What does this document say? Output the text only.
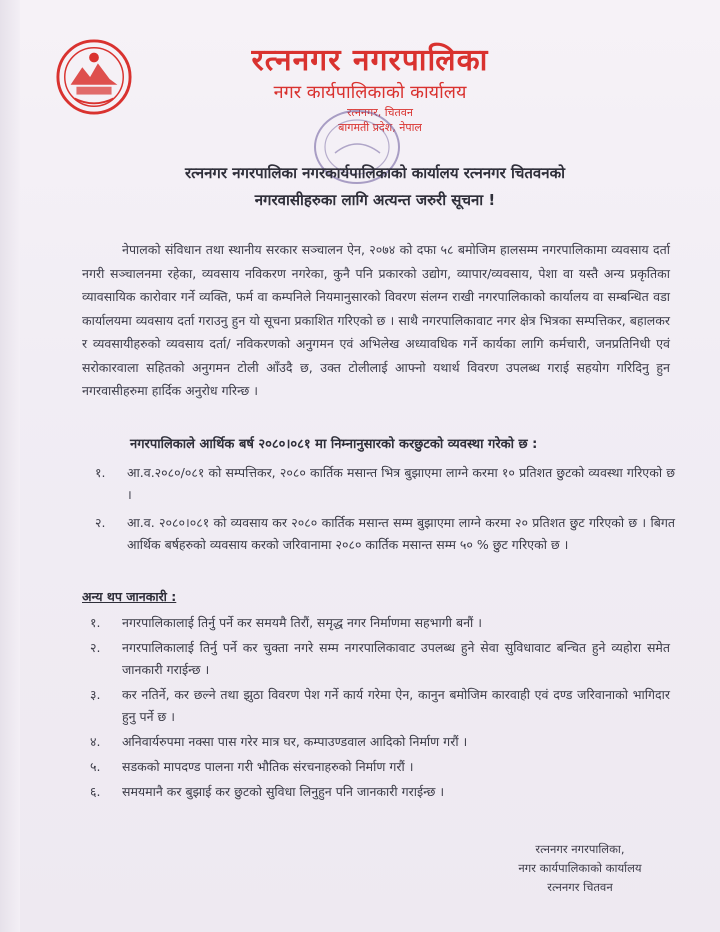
रत्ननगर नगरपालिका
नगर कार्यपालिकाको कार्यालय
रत्ननगर, चितवन
बागमती प्रदेश, नेपाल
रत्ननगर नगरपालिका नगरकार्यपालिकाको कार्यालय रत्ननगर चितवनको
नगरवासीहरुका लागि अत्यन्त जरुरी सूचना !
नेपालको संविधान तथा स्थानीय सरकार सञ्चालन ऐन, २०७४ को दफा ५८ बमोजिम हालसम्म नगरपालिकामा व्यवसाय दर्ता नगरी सञ्चालनमा रहेका, व्यवसाय नविकरण नगरेका, कुनै पनि प्रकारको उद्योग, व्यापार/व्यवसाय, पेशा वा यस्तै अन्य प्रकृतिका व्यावसायिक कारोवार गर्ने व्यक्ति, फर्म वा कम्पनिले नियमानुसारको विवरण संलग्न राखी नगरपालिकाको कार्यालय वा सम्बन्धित वडा कार्यालयमा व्यवसाय दर्ता गराउनु हुन यो सूचना प्रकाशित गरिएको छ । साथै नगरपालिकावाट नगर क्षेत्र भित्रका सम्पत्तिकर, बहालकर र व्यवसायीहरुको व्यवसाय दर्ता/ नविकरणको अनुगमन एवं अभिलेख अध्यावधिक गर्ने कार्यका लागि कर्मचारी, जनप्रतिनिधी एवं सरोकारवाला सहितको अनुगमन टोली आँउदै छ, उक्त टोलीलाई आफ्नो यथार्थ विवरण उपलब्ध गराई सहयोग गरिदिनु हुन नगरवासीहरुमा हार्दिक अनुरोध गरिन्छ ।
नगरपालिकाले आर्थिक बर्ष २०८०।०८१ मा निम्नानुसारको करछुटको व्यवस्था गरेको छ :
१.	आ.व.२०८०/०८१ को सम्पत्तिकर, २०८० कार्तिक मसान्त भित्र बुझाएमा लाग्ने करमा १० प्रतिशत छुटको व्यवस्था गरिएको छ ।
२.	आ.व. २०८०।०८१ को व्यवसाय कर २०८० कार्तिक मसान्त सम्म बुझाएमा लाग्ने करमा २० प्रतिशत छुट गरिएको छ । बिगत आर्थिक बर्षहरुको व्यवसाय करको जरिवानामा २०८० कार्तिक मसान्त सम्म ५० % छुट गरिएको छ ।
अन्य थप जानकारी :
१.	नगरपालिकालाई तिर्नु पर्ने कर समयमै तिरौं, समृद्ध नगर निर्माणमा सहभागी बनौं ।
२.	नगरपालिकालाई तिर्नु पर्ने कर चुक्ता नगरे सम्म नगरपालिकावाट उपलब्ध हुने सेवा सुविधावाट बन्चित हुने व्यहोरा समेत जानकारी गराईन्छ ।
३.	कर नतिर्ने, कर छल्ने तथा झुठा विवरण पेश गर्ने कार्य गरेमा ऐन, कानुन बमोजिम कारवाही एवं दण्ड जरिवानाको भागिदार हुनु पर्ने छ ।
४.	अनिवार्यरुपमा नक्सा पास गरेर मात्र घर, कम्पाउण्डवाल आदिको निर्माण गरौं ।
५.	सडकको मापदण्ड पालना गरी भौतिक संरचनाहरुको निर्माण गरौं ।
६.	समयमानै कर बुझाई कर छुटको सुविधा लिनुहुन पनि जानकारी गराईन्छ ।
रत्ननगर नगरपालिका,
नगर कार्यपालिकाको कार्यालय
रत्ननगर चितवन
